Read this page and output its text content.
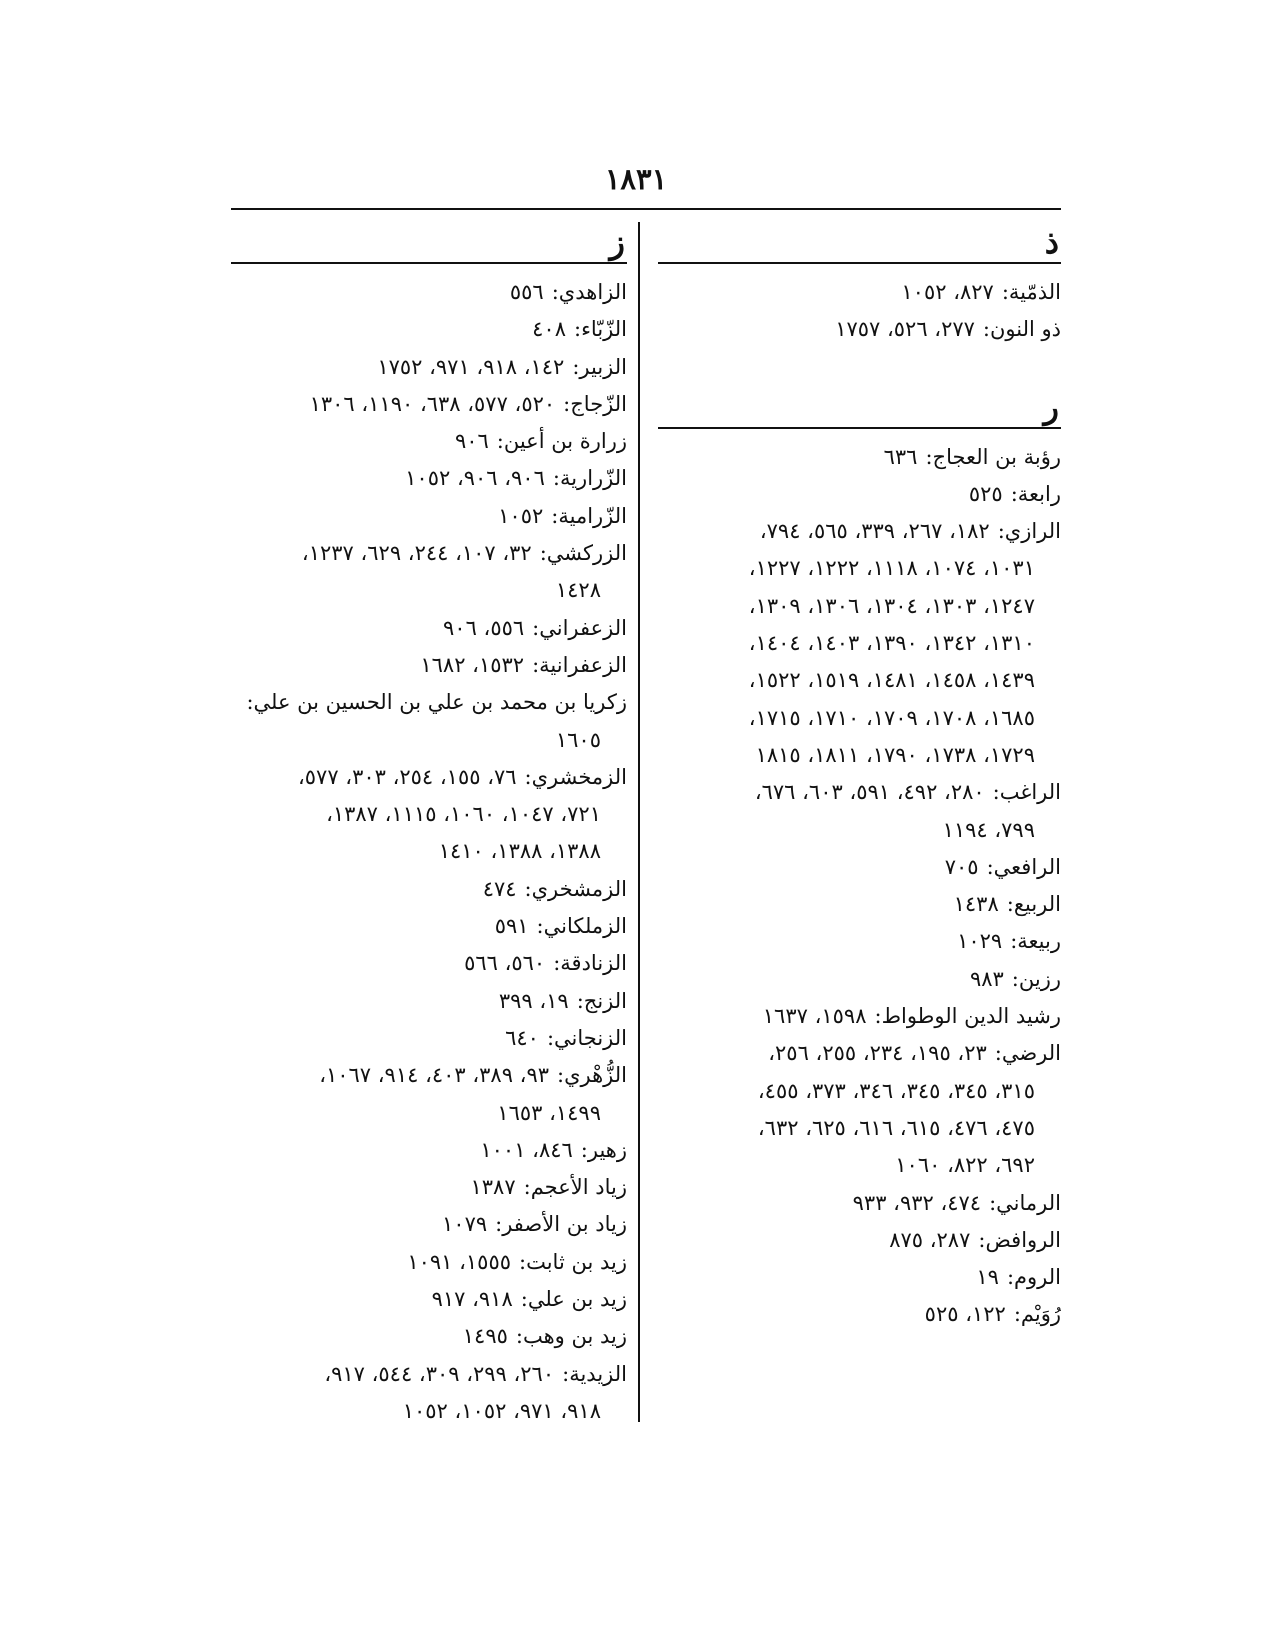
١٨٣١
ذ
الذمّية:٨٢٧، ١٠٥٢
ذو النون:٢٧٧، ٥٢٦، ١٧٥٧
ر
رؤبة بن العجاج:٦٣٦
رابعة:٥٢٥
الرازي:١٨٢، ٢٦٧، ٣٣٩، ٥٦٥، ٧٩٤،
١٠٣١، ١٠٧٤، ١١١٨، ١٢٢٢، ١٢٢٧،
١٢٤٧، ١٣٠٣، ١٣٠٤، ١٣٠٦، ١٣٠٩،
١٣١٠، ١٣٤٢، ١٣٩٠، ١٤٠٣، ١٤٠٤،
١٤٣٩، ١٤٥٨، ١٤٨١، ١٥١٩، ١٥٢٢،
١٦٨٥، ١٧٠٨، ١٧٠٩، ١٧١٠، ١٧١٥،
١٧٢٩، ١٧٣٨، ١٧٩٠، ١٨١١، ١٨١٥
الراغب:٢٨٠، ٤٩٢، ٥٩١، ٦٠٣، ٦٧٦،
٧٩٩، ١١٩٤
الرافعي:٧٠٥
الربيع:١٤٣٨
ربيعة:١٠٢٩
رزين:٩٨٣
رشيد الدين الوطواط:١٥٩٨، ١٦٣٧
الرضي:٢٣، ١٩٥، ٢٣٤، ٢٥٥، ٢٥٦،
٣١٥، ٣٤٥، ٣٤٥، ٣٤٦، ٣٧٣، ٤٥٥،
٤٧٥، ٤٧٦، ٦١٥، ٦١٦، ٦٢٥، ٦٣٢،
٦٩٢، ٨٢٢، ١٠٦٠
الرماني:٤٧٤، ٩٣٢، ٩٣٣
الروافض:٢٨٧، ٨٧٥
الروم:١٩
رُوَيْم:١٢٢، ٥٢٥
ز
الزاهدي:٥٥٦
الزّبّاء:٤٠٨
الزبير:١٤٢، ٩١٨، ٩٧١، ١٧٥٢
الزّجاج:٥٢٠، ٥٧٧، ٦٣٨، ١١٩٠، ١٣٠٦
زرارة بن أعين:٩٠٦
الزّرارية:٩٠٦، ٩٠٦، ١٠٥٢
الزّرامية:١٠٥٢
الزركشي:٣٢، ١٠٧، ٢٤٤، ٦٢٩، ١٢٣٧،
١٤٢٨
الزعفراني:٥٥٦، ٩٠٦
الزعفرانية:١٥٣٢، ١٦٨٢
زكريا بن محمد بن علي بن الحسين بن علي:
١٦٠٥
الزمخشري:٧٦، ١٥٥، ٢٥٤، ٣٠٣، ٥٧٧،
٧٢١، ١٠٤٧، ١٠٦٠، ١١١٥، ١٣٨٧،
١٣٨٨، ١٣٨٨، ١٤١٠
الزمشخري:٤٧٤
الزملكاني:٥٩١
الزنادقة:٥٦٠، ٥٦٦
الزنج:١٩، ٣٩٩
الزنجاني:٦٤٠
الزُّهْري:٩٣، ٣٨٩، ٤٠٣، ٩١٤، ١٠٦٧،
١٤٩٩، ١٦٥٣
زهير:٨٤٦، ١٠٠١
زياد الأعجم:١٣٨٧
زياد بن الأصفر:١٠٧٩
زيد بن ثابت:١٥٥٥، ١٠٩١
زيد بن علي:٩١٨، ٩١٧
زيد بن وهب:١٤٩٥
الزيدية:٢٦٠، ٢٩٩، ٣٠٩، ٥٤٤، ٩١٧،
٩١٨، ٩٧١، ١٠٥٢، ١٠٥٢
